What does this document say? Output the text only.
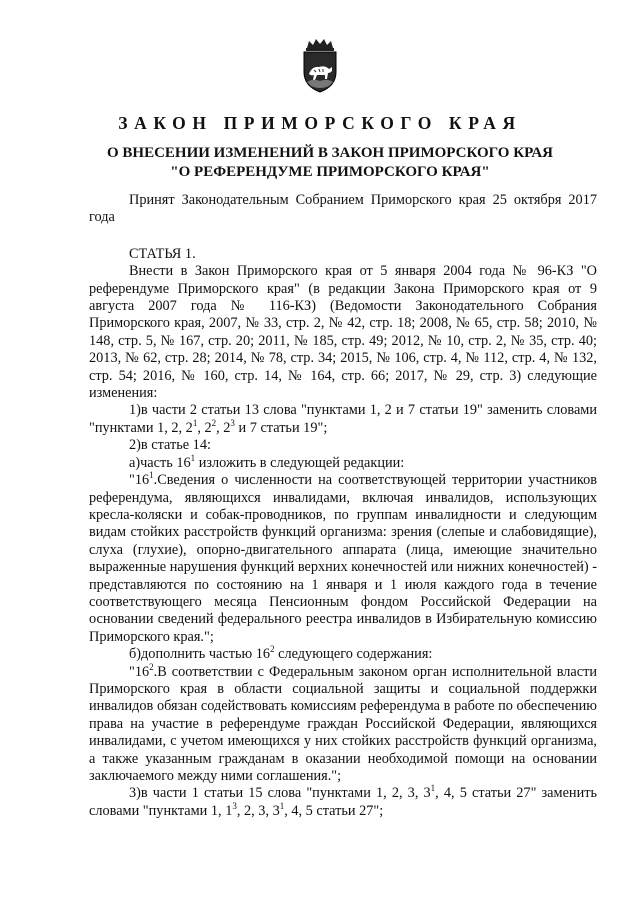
ЗАКОН ПРИМОРСКОГО КРАЯ
О ВНЕСЕНИИ ИЗМЕНЕНИЙ В ЗАКОН ПРИМОРСКОГО КРАЯ
"О РЕФЕРЕНДУМЕ ПРИМОРСКОГО КРАЯ"

Принят Законодательным Собранием Приморского края 25 октября 2017 года

СТАТЬЯ 1.

Внести в Закон Приморского края от 5 января 2004 года № 96-КЗ "О референдуме Приморского края" (в редакции Закона Приморского края от 9 августа 2007 года № 116-КЗ) (Ведомости Законодательного Собрания Приморского края, 2007, № 33, стр. 2, № 42, стр. 18; 2008, № 65, стр. 58; 2010, № 148, стр. 5, № 167, стр. 20; 2011, № 185, стр. 49; 2012, № 10, стр. 2, № 35, стр. 40; 2013, № 62, стр. 28; 2014, № 78, стр. 34; 2015, № 106, стр. 4, № 112, стр. 4, № 132, стр. 54; 2016, № 160, стр. 14, № 164, стр. 66; 2017, № 29, стр. 3) следующие изменения:

1)в части 2 статьи 13 слова "пунктами 1, 2 и 7 статьи 19" заменить словами "пунктами 1, 2, $2^1$, $2^2$, $2^3$ и 7 статьи 19";

2)в статье 14:

а)часть $16^1$ изложить в следующей редакции:

"$16^1.Сведения$ о численности на соответствующей территории участников референдума, являющихся инвалидами, включая инвалидов, использующих кресла-коляски и собак-проводников, по группам инвалидности и следующим видам стойких расстройств функций организма: зрения (слепые и слабовидящие), слуха (глухие), опорно-двигательного аппарата (лица, имеющие значительно выраженные нарушения функций верхних конечностей или нижних конечностей) - представляются по состоянию на 1 января и 1 июля каждого года в течение соответствующего месяца Пенсионным фондом Российской Федерации на основании сведений федерального реестра инвалидов в Избирательную комиссию Приморского края.";

б)дополнить частью $16^2$ следующего содержания:

"$16^2.В$ соответствии с Федеральным законом орган исполнительной власти Приморского края в области социальной защиты и социальной поддержки инвалидов обязан содействовать комиссиям референдума в работе по обеспечению права на участие в референдуме граждан Российской Федерации, являющихся инвалидами, с учетом имеющихся у них стойких расстройств функций организма, а также указанным гражданам в оказании необходимой помощи на основании заключаемого между ними соглашения.";

3)в части 1 статьи 15 слова "пунктами 1, 2, 3, $3^1$, 4, 5 статьи 27" заменить словами "пунктами 1, $1^3$, 2, 3, $3^1$, 4, 5 статьи 27";
